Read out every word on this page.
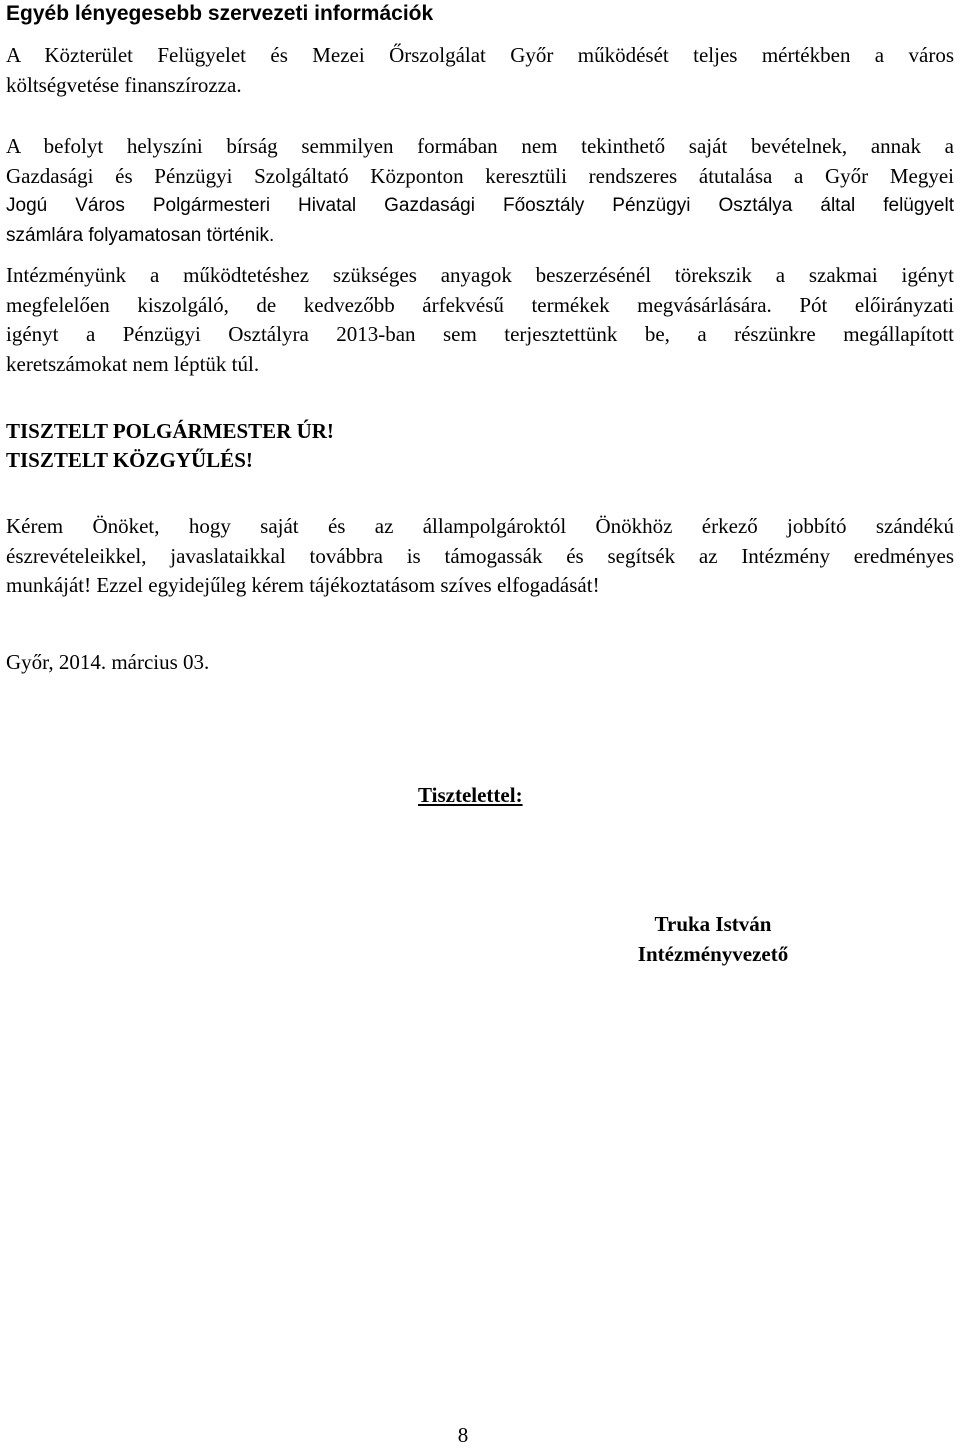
Egyéb lényegesebb szervezeti információk
A Közterület Felügyelet és Mezei Őrszolgálat Győr működését teljes mértékben a város
költségvetése finanszírozza.
A befolyt helyszíni bírság semmilyen formában nem tekinthető saját bevételnek, annak a
Gazdasági és Pénzügyi Szolgáltató Központon keresztüli rendszeres átutalása a Győr Megyei
Jogú Város Polgármesteri Hivatal Gazdasági Főosztály Pénzügyi Osztálya által felügyelt
számlára folyamatosan történik.
Intézményünk a működtetéshez szükséges anyagok beszerzésénél törekszik a szakmai igényt
megfelelően kiszolgáló, de kedvezőbb árfekvésű termékek megvásárlására. Pót előirányzati
igényt a Pénzügyi Osztályra 2013-ban sem terjesztettünk be, a részünkre megállapított
keretszámokat nem léptük túl.
TISZTELT POLGÁRMESTER ÚR!
TISZTELT KÖZGYŰLÉS!
Kérem Önöket, hogy saját és az állampolgároktól Önökhöz érkező jobbító szándékú
észrevételeikkel, javaslataikkal továbbra is támogassák és segítsék az Intézmény eredményes
munkáját! Ezzel egyidejűleg kérem tájékoztatásom szíves elfogadását!
Győr, 2014. március 03.
Tisztelettel:
Truka István
Intézményvezető
8
